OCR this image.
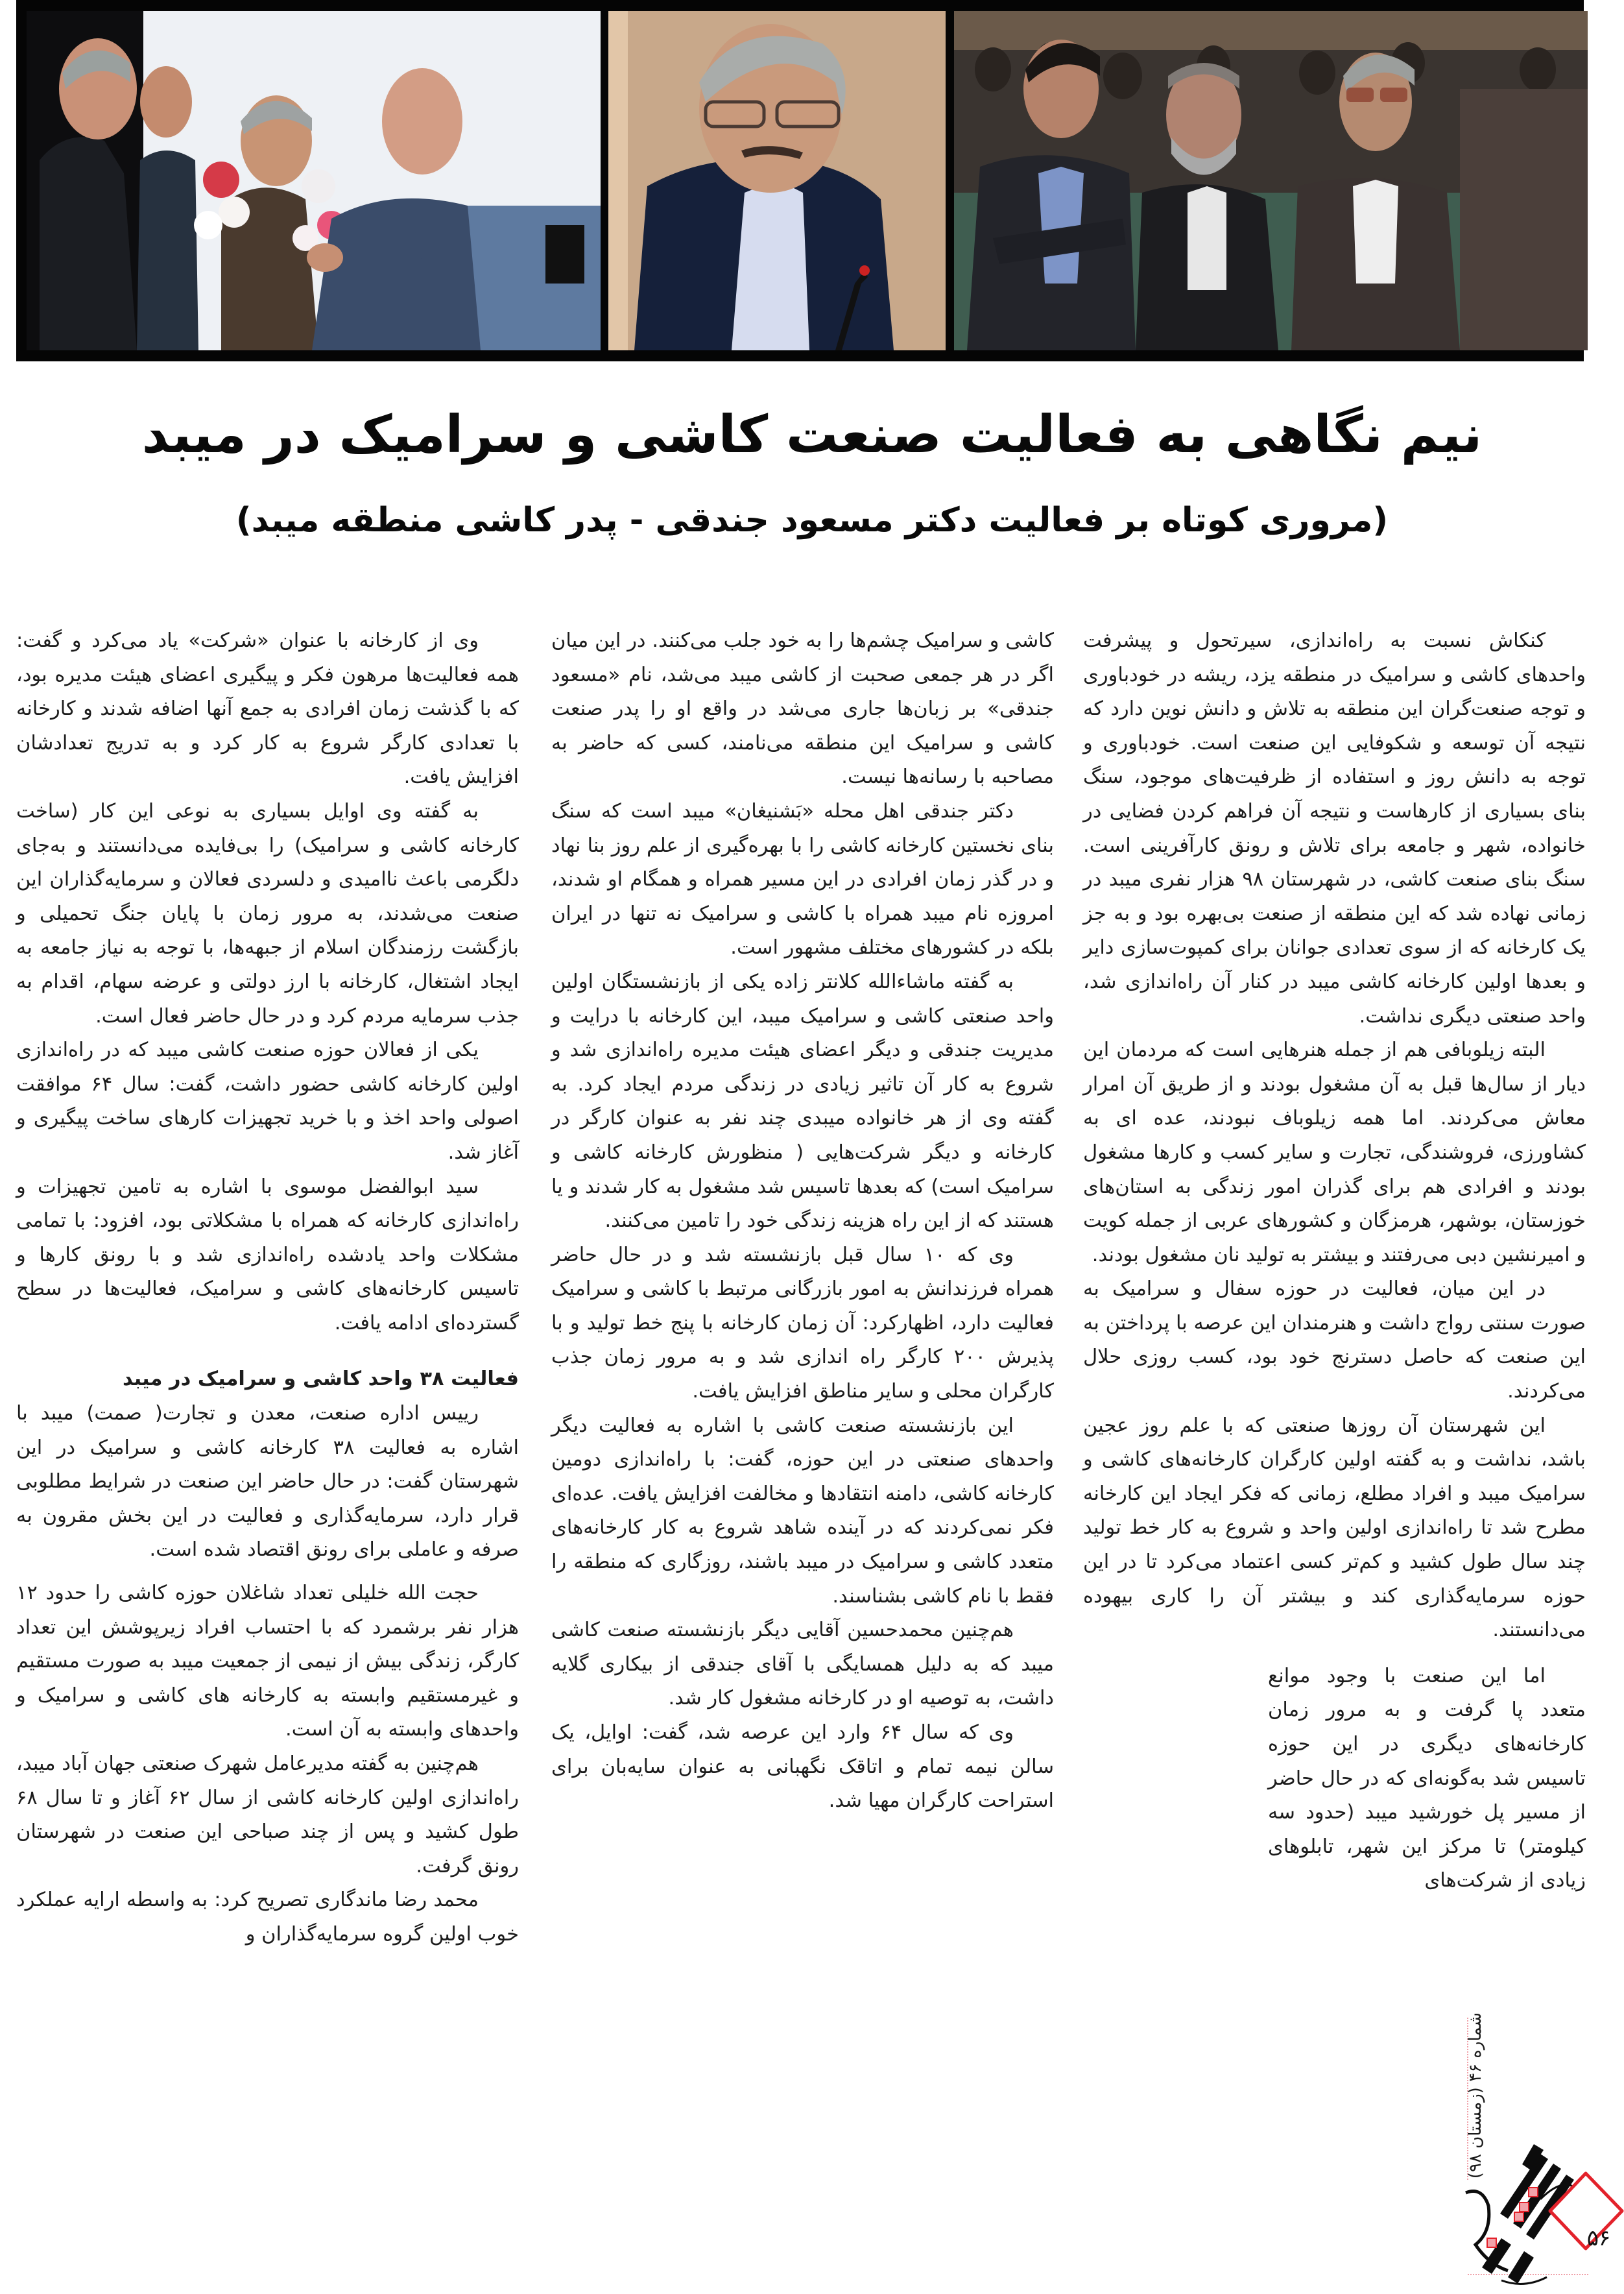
نیم نگاهی به فعالیت صنعت کاشی و سرامیک در میبد
(مروری کوتاه بر فعالیت دکتر مسعود جندقی - پدر کاشی منطقه میبد)

کنکاش نسبت به راه‌اندازی، سیرتحول و پیشرفت واحدهای کاشی و سرامیک در منطقه یزد، ریشه در خودباوری و توجه صنعت‌گران این منطقه به تلاش و دانش نوین دارد که نتیجه آن توسعه و شکوفایی این صنعت است. خودباوری و توجه به دانش روز و استفاده از ظرفیت‌های موجود، سنگ بنای بسیاری از کارهاست و نتیجه آن فراهم کردن فضایی در خانواده، شهر و جامعه برای تلاش و رونق کارآفرینی است. سنگ بنای صنعت کاشی، در شهرستان ۹۸ هزار نفری میبد در زمانی نهاده شد که این منطقه از صنعت بی‌بهره بود و به جز یک کارخانه که از سوی تعدادی جوانان برای کمپوت‌سازی دایر و بعدها اولین کارخانه کاشی میبد در کنار آن راه‌اندازی شد، واحد صنعتی دیگری نداشت.

البته زیلوبافی هم از جمله هنرهایی است که مردمان این دیار از سال‌ها قبل به آن مشغول بودند و از طریق آن امرار معاش می‌کردند. اما همه زیلوباف نبودند، عده ای به کشاورزی، فروشندگی، تجارت و سایر کسب و کارها مشغول بودند و افرادی هم برای گذران امور زندگی به استان‌های خوزستان، بوشهر، هرمزگان و کشورهای عربی از جمله کویت و امیرنشین دبی می‌رفتند و بیشتر به تولید نان مشغول بودند.

در این میان، فعالیت در حوزه سفال و سرامیک به صورت سنتی رواج داشت و هنرمندان این عرصه با پرداختن به این صنعت که حاصل دسترنج خود بود، کسب روزی حلال می‌کردند.

این شهرستان آن روزها صنعتی که با علم روز عجین باشد، نداشت و به گفته اولین کارگران کارخانه‌های کاشی و سرامیک میبد و افراد مطلع، زمانی که فکر ایجاد این کارخانه مطرح شد تا راه‌اندازی اولین واحد و شروع به کار خط تولید چند سال طول کشید و کم‌تر کسی اعتماد می‌کرد تا در این حوزه سرمایه‌گذاری کند و بیشتر آن را کاری بیهوده می‌دانستند.

اما این صنعت با وجود موانع متعدد پا گرفت و به مرور زمان کارخانه‌های دیگری در این حوزه تاسیس شد به‌گونه‌ای که در حال حاضر از مسیر پل خورشید میبد (حدود سه کیلومتر) تا مرکز این شهر، تابلوهای زیادی از شرکت‌های

کاشی و سرامیک چشم‌ها را به خود جلب می‌کنند. در این میان اگر در هر جمعی صحبت از کاشی میبد می‌شد، نام «مسعود جندقی» بر زبان‌ها جاری می‌شد در واقع او را پدر صنعت کاشی و سرامیک این منطقه می‌نامند، کسی که حاضر به مصاحبه با رسانه‌ها نیست.

دکتر جندقی اهل محله «بَشنیغان» میبد است که سنگ بنای نخستین کارخانه کاشی را با بهره‌گیری از علم روز بنا نهاد و در گذر زمان افرادی در این مسیر همراه و همگام او شدند، امروزه نام میبد همراه با کاشی و سرامیک نه تنها در ایران بلکه در کشورهای مختلف مشهور است.

به گفته ماشاءالله کلانتر زاده یکی از بازنشستگان اولین واحد صنعتی کاشی و سرامیک میبد، این کارخانه با درایت و مدیریت جندقی و دیگر اعضای هیئت مدیره راه‌اندازی شد و شروع به کار آن تاثیر زیادی در زندگی مردم ایجاد کرد. به گفته وی از هر خانواده میبدی چند نفر به عنوان کارگر در کارخانه و دیگر شرکت‌هایی ( منظورش کارخانه کاشی و سرامیک است) که بعدها تاسیس شد مشغول به کار شدند و یا هستند که از این راه هزینه زندگی خود را تامین می‌کنند.

وی که ۱۰ سال قبل بازنشسته شد و در حال حاضر همراه فرزندانش به امور بازرگانی مرتبط با کاشی و سرامیک فعالیت دارد، اظهارکرد: آن زمان کارخانه با پنج خط تولید و با پذیرش ۲۰۰ کارگر راه اندازی شد و به مرور زمان جذب کارگران محلی و سایر مناطق افزایش یافت.

این بازنشسته صنعت کاشی با اشاره به فعالیت دیگر واحدهای صنعتی در این حوزه، گفت: با راه‌اندازی دومین کارخانه کاشی، دامنه انتقادها و مخالفت افزایش یافت. عده‌ای فکر نمی‌کردند که در آینده شاهد شروع به کار کارخانه‌های متعدد کاشی و سرامیک در میبد باشند، روزگاری که منطقه را فقط با نام کاشی بشناسند.

هم‌چنین محمدحسین آقایی دیگر بازنشسته صنعت کاشی میبد که به دلیل همسایگی با آقای جندقی از بیکاری گلایه داشت، به توصیه او در کارخانه مشغول کار شد.

وی که سال ۶۴ وارد این عرصه شد، گفت: اوایل، یک سالن نیمه تمام و اتاقک نگهبانی به عنوان سایه‌بان برای استراحت کارگران مهیا شد.

وی از کارخانه با عنوان «شرکت» یاد می‌کرد و گفت: همه فعالیت‌ها مرهون فکر و پیگیری اعضای هیئت مدیره بود، که با گذشت زمان افرادی به جمع آنها اضافه شدند و کارخانه با تعدادی کارگر شروع به کار کرد و به تدریج تعدادشان افزایش یافت.

به گفته وی اوایل بسیاری به نوعی این کار (ساخت کارخانه کاشی و سرامیک) را بی‌فایده می‌دانستند و به‌جای دلگرمی باعث ناامیدی و دلسردی فعالان و سرمایه‌گذاران این صنعت می‌شدند، به مرور زمان با پایان جنگ تحمیلی و بازگشت رزمندگان اسلام از جبهه‌ها، با توجه به نیاز جامعه به ایجاد اشتغال، کارخانه با ارز دولتی و عرضه سهام، اقدام به جذب سرمایه مردم کرد و در حال حاضر فعال است.

یکی از فعالان حوزه صنعت کاشی میبد که در راه‌اندازی اولین کارخانه کاشی حضور داشت، گفت: سال ۶۴ موافقت اصولی واحد اخذ و با خرید تجهیزات کارهای ساخت پیگیری و آغاز شد.

سید ابوالفضل موسوی با اشاره به تامین تجهیزات و راه‌اندازی کارخانه که همراه با مشکلاتی بود، افزود: با تمامی مشکلات واحد یادشده راه‌اندازی شد و با رونق کارها و تاسیس کارخانه‌های کاشی و سرامیک، فعالیت‌ها در سطح گسترده‌ای ادامه یافت.

فعالیت ۳۸ واحد کاشی و سرامیک در میبد

رییس اداره صنعت، معدن و تجارت( صمت) میبد با اشاره به فعالیت ۳۸ کارخانه کاشی و سرامیک در این شهرستان گفت: در حال حاضر این صنعت در شرایط مطلوبی قرار دارد، سرمایه‌گذاری و فعالیت در این بخش مقرون به صرفه و عاملی برای رونق اقتصاد شده است.

حجت الله خلیلی تعداد شاغلان حوزه کاشی را حدود ۱۲ هزار نفر برشمرد که با احتساب افراد زیرپوشش این تعداد کارگر، زندگی بیش از نیمی از جمعیت میبد به صورت مستقیم و غیرمستقیم وابسته به کارخانه های کاشی و سرامیک و واحدهای وابسته به آن است.

هم‌چنین به گفته مدیرعامل شهرک صنعتی جهان آباد میبد، راه‌اندازی اولین کارخانه کاشی از سال ۶۲ آغاز و تا سال ۶۸ طول کشید و پس از چند صباحی این صنعت در شهرستان رونق گرفت.

محمد رضا ماندگاری تصریح کرد: به واسطه ارایه عملکرد خوب اولین گروه سرمایه‌گذاران و

شماره ۴۶ (زمستان ۹۸)
۵۶
